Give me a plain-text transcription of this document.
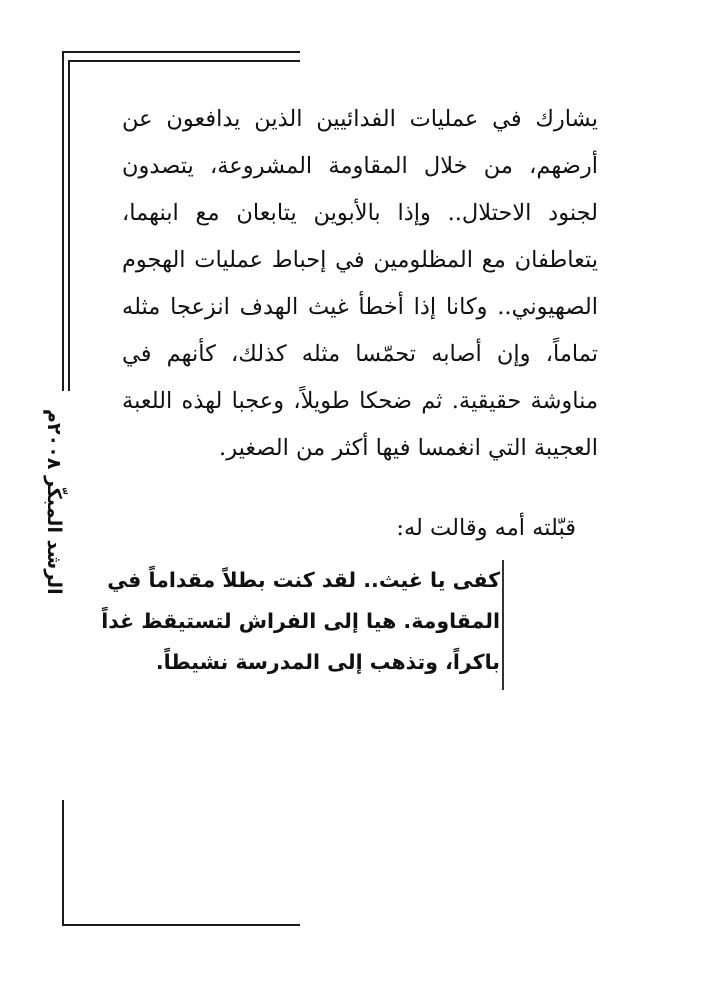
الرشد المبكّر ٢٠٠٨م

يشارك في عمليات الفدائيين الذين يدافعون عن أرضهم، من خلال المقاومة المشروعة، يتصدون لجنود الاحتلال.. وإذا بالأبوين يتابعان مع ابنهما، يتعاطفان مع المظلومين في إحباط عمليات الهجوم الصهيوني.. وكانا إذا أخطأ غيث الهدف انزعجا مثله تماماً، وإن أصابه تحمّسا مثله كذلك، كأنهم في مناوشة حقيقية. ثم ضحكا طويلاً، وعجبا لهذه اللعبة العجيبة التي انغمسا فيها أكثر من الصغير.

قبّلته أمه وقالت له:
كفى يا غيث.. لقد كنت بطلاً مقداماً في
المقاومة. هيا إلى الفراش لتستيقظ غداً
باكراً، وتذهب إلى المدرسة نشيطاً.
